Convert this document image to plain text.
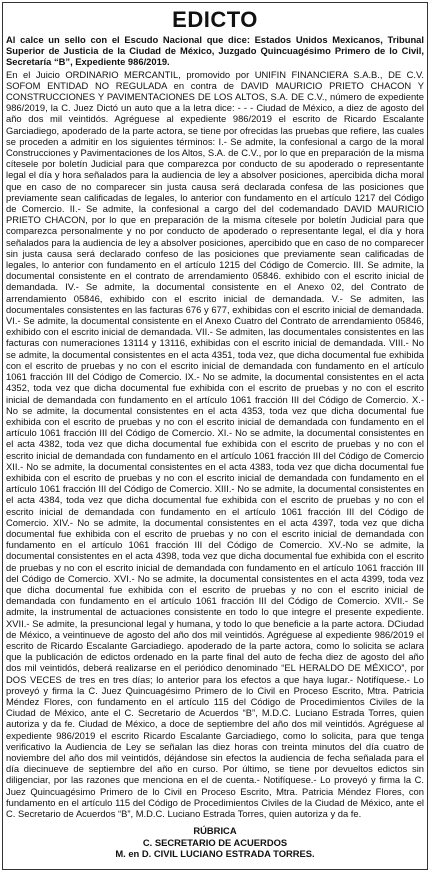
EDICTO

Al calce un sello con el Escudo Nacional que dice: Estados Unidos Mexicanos, Tribunal Superior de Justicia de la Ciudad de México, Juzgado Quincuagésimo Primero de lo Civil, Secretaría “B”, Expediente 986/2019.

En el Juicio ORDINARIO MERCANTIL, promovido por UNIFIN FINANCIERA S.A.B., DE C.V. SOFOM ENTIDAD NO REGULADA en contra de DAVID MAURICIO PRIETO CHACON Y CONSTRUCCIONES Y PAVIMENTACIONES DE LOS ALTOS, S.A. DE C.V., número de expediente 986/2019, la C. Juez Dictó un auto que a la letra dice: - - - Ciudad de México, a diez de agosto del año dos mil veintidós. Agréguese al expediente 986/2019 el escrito de Ricardo Escalante Garciadiego, apoderado de la parte actora, se tiene por ofrecidas las pruebas que refiere, las cuales se proceden a admitir en los siguientes términos: I.- Se admite, la confesional a cargo de la moral Construcciones y Pavimentaciones de los Altos, S.A. de C.V., por lo que en preparación de la misma cítesele por boletín Judicial para que comparezca por conducto de su apoderado o representante legal el día y hora señalados para la audiencia de ley a absolver posiciones, apercibida dicha moral que en caso de no comparecer sin justa causa será declarada confesa de las posiciones que previamente sean calificadas de legales, lo anterior con fundamento en el artículo 1217 del Código de Comercio. II.- Se admite, la confesional a cargo del del codemandado DAVID MAURICIO PRIETO CHACON, por lo que en preparación de la misma cítesele por boletín Judicial para que comparezca personalmente y no por conducto de apoderado o representante legal, el día y hora señalados para la audiencia de ley a absolver posiciones, apercibido que en caso de no comparecer sin justa causa será declarado confeso de las posiciones que previamente sean calificadas de legales, lo anterior con fundamento en el artículo 1215 del Código de Comercio. III. Se admite, la documental consistente en el contrato de arrendamiento 05846. exhibido con el escrito inicial de demandada. IV.- Se admite, la documental consistente en el Anexo 02, del Contrato de arrendamiento 05846, exhibido con el escrito inicial de demandada. V.- Se admiten, las documentales consistentes en las facturas 676 y 677, exhibidas con el escrito inicial de demandada. VI.- Se admite, la documental consistente en el Anexo Cuatro del Contrato de arrendamiento 05846, exhibido con el escrito inicial de demandada. VII.- Se admiten, las documentales consistentes en las facturas con numeraciones 13114 y 13116, exhibidas con el escrito inicial de demandada. VIII.- No se admite, la documental consistentes en el acta 4351, toda vez, que dicha documental fue exhibida con el escrito de pruebas y no con el escrito inicial de demandada con fundamento en el artículo 1061 fracción III del Código de Comercio. IX.- No se admite, la documental consistentes en el acta 4352, toda vez que dicha documental fue exhibida con el escrito de pruebas y no con el escrito inicial de demandada con fundamento en el artículo 1061 fracción III del Código de Comercio. X.- No se admite, la documental consistentes en el acta 4353, toda vez que dicha documental fue exhibida con el escrito de pruebas y no con el escrito inicial de demandada con fundamento en el artículo 1061 fracción III del Código de Comercio. XI.- No se admite, la documental consistentes en el acta 4382, toda vez que dicha documental fue exhibida con el escrito de pruebas y no con el escrito inicial de demandada con fundamento en el artículo 1061 fracción III del Código de Comercio XII.- No se admite, la documental consistentes en el acta 4383, toda vez que dicha documental fue exhibida con el escrito de pruebas y no con el escrito inicial de demandada con fundamento en el artículo 1061 fracción III del Código de Comercio. XIII.- No se admite, la documental consistentes en el acta 4384, toda vez que dicha documental fue exhibida con el escrito de pruebas y no con el escrito inicial de demandada con fundamento en el artículo 1061 fracción III del Código de Comercio. XIV.- No se admite, la documental consistentes en el acta 4397, toda vez que dicha documental fue exhibida con el escrito de pruebas y no con el escrito inicial de demandada con fundamento en el artículo 1061 fracción III del Código de Comercio. XV.-No se admite, la documental consistentes en el acta 4398, toda vez que dicha documental fue exhibida con el escrito de pruebas y no con el escrito inicial de demandada con fundamento en el artículo 1061 fracción III del Código de Comercio. XVI.- No se admite, la documental consistentes en el acta 4399, toda vez que dicha documental fue exhibida con el escrito de pruebas y no con el escrito inicial de demandada con fundamento en el artículo 1061 fracción III del Código de Comercio. XVII.- Se admite, la instrumental de actuaciones consistente en todo lo que integre el presente expediente. XVII.- Se admite, la presuncional legal y humana, y todo lo que beneficie a la parte actora. DCiudad de México, a veintinueve de agosto del año dos mil veintidós. Agréguese al expediente 986/2019 el escrito de Ricardo Escalante Garciadiego. apoderado de la parte actora, como lo solicita se aclara que la publicación de edictos ordenado en la parte final del auto de fecha diez de agosto del año dos mil veintidós, deberá realizarse en el periódico denominado “EL HERALDO DE MÉXICO”, por DOS VECES de tres en tres días; lo anterior para los efectos a que haya lugar.- Notifíquese.- Lo proveyó y firma la C. Juez Quincuagésimo Primero de lo Civil en Proceso Escrito, Mtra. Patricia Méndez Flores, con fundamento en el artículo 115 del Código de Procedimientos Civiles de la Ciudad de México, ante el C. Secretario de Acuerdos “B”, M.D.C. Luciano Estrada Torres, quien autoriza y da fe. Ciudad de México, a doce de septiembre del año dos mil veintidós. Agréguese al expediente 986/2019 el escrito Ricardo Escalante Garciadiego, como lo solicita, para que tenga verificativo la Audiencia de Ley se señalan las diez horas con treinta minutos del día cuatro de noviembre del año dos mil veintidós, déjándose sin efectos la audiencia de fecha señalada para el día diecinueve de septiembre del año en curso. Por último, se tiene por devueltos edictos sin diligenciar, por las razones que menciona en el de cuenta.- Notifíquese.- Lo proveyó y firma la C. Juez Quincuagésimo Primero de lo Civil en Proceso Escrito, Mtra. Patricia Méndez Flores, con fundamento en el artículo 115 del Código de Procedimientos Civiles de la Ciudad de México, ante el C. Secretario de Acuerdos “B”, M.D.C. Luciano Estrada Torres, quien autoriza y da fe.

RÚBRICA
C. SECRETARIO DE ACUERDOS
M. en D. CIVIL LUCIANO ESTRADA TORRES.
